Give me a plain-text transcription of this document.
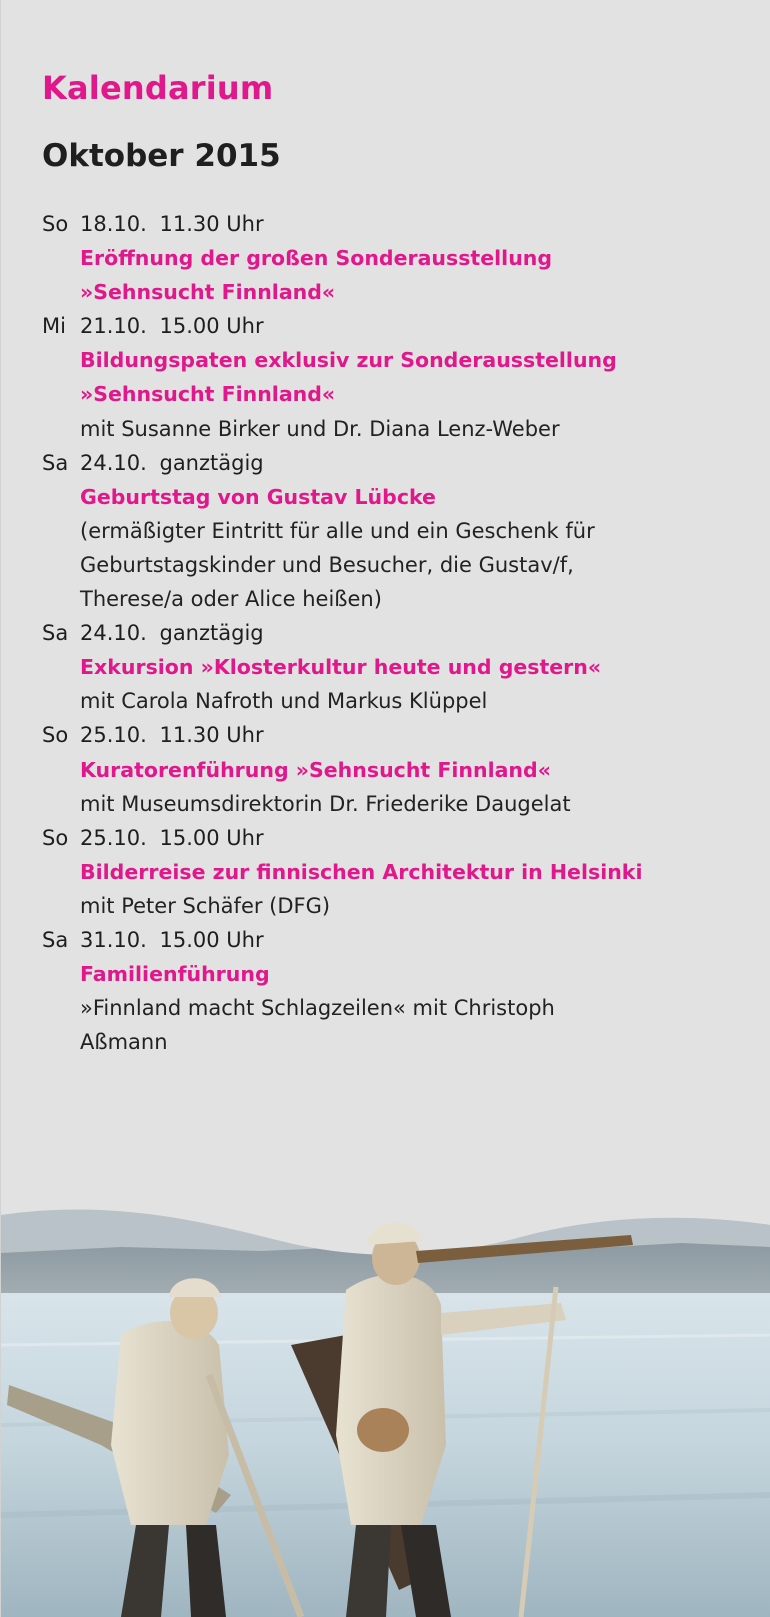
Kalendarium
Oktober 2015
So 18.10. 11.30 Uhr
Eröffnung der großen Sonderausstellung
»Sehnsucht Finnland«
Mi 21.10. 15.00 Uhr
Bildungspaten exklusiv zur Sonderausstellung
»Sehnsucht Finnland«
mit Susanne Birker und Dr. Diana Lenz-Weber
Sa 24.10. ganztägig
Geburtstag von Gustav Lübcke
(ermäßigter Eintritt für alle und ein Geschenk für
Geburtstagskinder und Besucher, die Gustav/f,
Therese/a oder Alice heißen)
Sa 24.10. ganztägig
Exkursion »Klosterkultur heute und gestern«
mit Carola Nafroth und Markus Klüppel
So 25.10. 11.30 Uhr
Kuratorenführung »Sehnsucht Finnland«
mit Museumsdirektorin Dr. Friederike Daugelat
So 25.10. 15.00 Uhr
Bilderreise zur finnischen Architektur in Helsinki
mit Peter Schäfer (DFG)
Sa 31.10. 15.00 Uhr
Familienführung
»Finnland macht Schlagzeilen« mit Christoph
Aßmann
